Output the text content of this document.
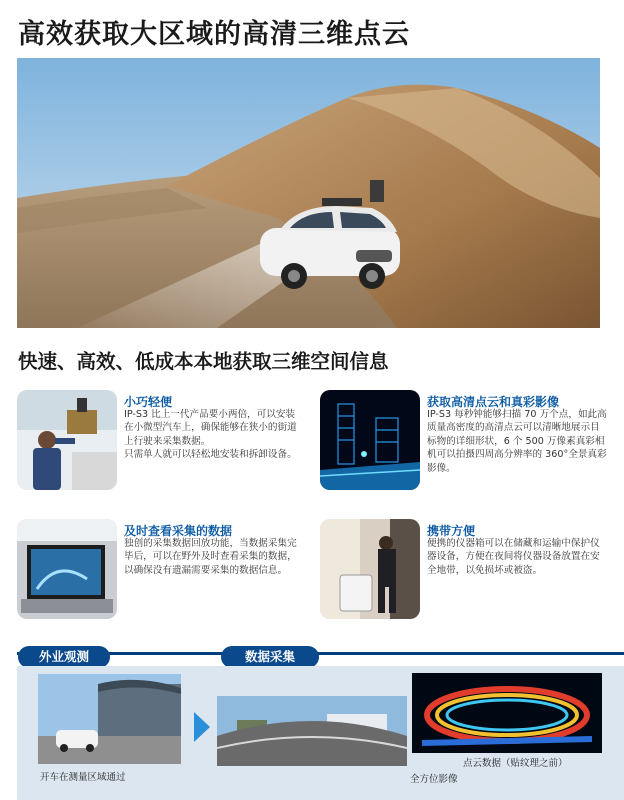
高效获取大区域的高清三维点云
快速、高效、低成本本地获取三维空间信息
小巧轻便

IP-S3 比上一代产品要小两倍，可以安装在小微型汽车上，确保能够在狭小的街道上行驶来采集数据。

只需单人就可以轻松地安装和拆卸设备。

获取高清点云和真彩影像

IP-S3 每秒钟能够扫描 70 万个点，如此高质量高密度的高清点云可以清晰地展示目标物的详细形状，6 个 500 万像素真彩相机可以拍摄四周高分辨率的 360°全景真彩影像。

及时查看采集的数据

独创的采集数据回放功能，当数据采集完毕后，可以在野外及时查看采集的数据，以确保没有遗漏需要采集的数据信息。

携带方便

便携的仪器箱可以在储藏和运输中保护仪器设备，方便在夜间将仪器设备放置在安全地带，以免损坏或被盗。

外业观测	数据采集
开车在测量区域通过	全方位影像
点云数据（贴纹理之前）
